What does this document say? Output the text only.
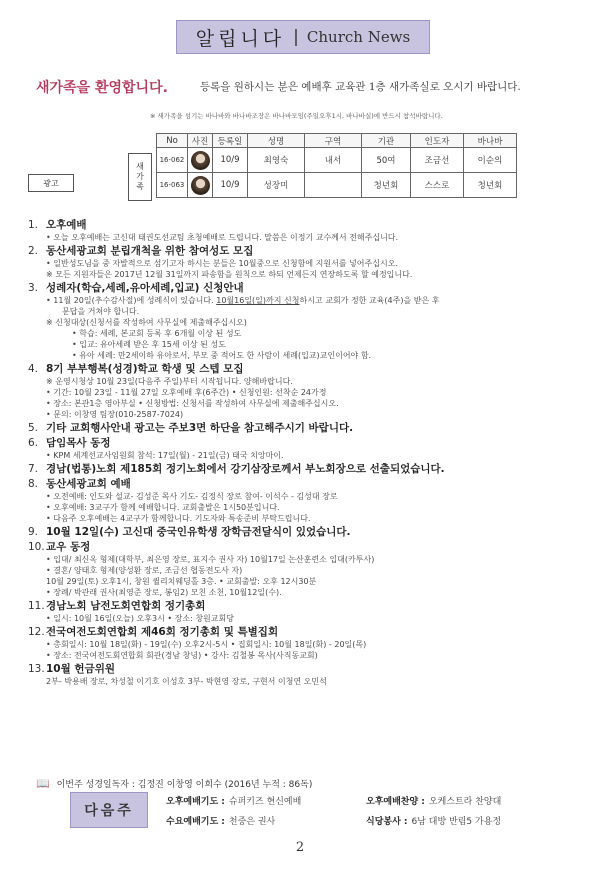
알립니다 | Church News
새가족을 환영합니다.	등록을 원하시는 분은 예배후 교육관 1층 새가족실로 오시기 바랍니다.
※ 새가족을 섬기는 바나바와 바나바조장은 바나바모임(주일오후1시, 바나바실)에 반드시 참석바랍니다.
광고
새
가
족
No	사진	등록일	성명	구역	기관	인도자	바나바
16-062		10/9	최영숙	내서	50여	조금선	이순의
16-063		10/9	성장미		청년회	스스로	청년회
1. 오후예배
• 오늘 오후예배는 고신대 태권도선교팀 초청예배로 드립니다. 말씀은 이정기 교수께서 전해주십니다.
2. 동산세광교회 분립개척을 위한 참여성도 모집
• 일반성도님을 중 자발적으로 섬기고자 하시는 분들은 10월중으로 신청함에 지원서를 넣어주십시오.
※ 모든 지원자들은 2017년 12월 31일까지 파송함을 원칙으로 하되 언제든지 연장하도록 할 예정입니다.
3. 성례자(학습,세례,유아세례,입교) 신청안내
• 11월 20일(추수감사절)에 성례식이 있습니다. 10월16일(일)까지 신청하시고 교회가 정한 교육(4주)을 받은 후
문답을 거쳐야 합니다.
※ 신청대상(신청서를 작성하여 사무실에 제출해주십시오)
• 학습: 세례, 본교회 등록 후 6개월 이상 된 성도
• 입교: 유아세례 받은 후 15세 이상 된 성도
• 유아 세례: 만2세이하 유아로서, 부모 중 적어도 한 사람이 세례(입교)교인이어야 함.
4. 8기 부부행복(성경)학교 학생 및 스텝 모집
※ 운영시청상 10월 23일(다음주 주일)부터 시작됩니다. 양해바랍니다.
• 기간: 10월 23일 - 11월 27일 오후예배 후(6주간) • 신청인원: 선착순 24가정
• 장소: 본관1층 영아부실 • 신청방법: 신청서를 작성하여 사무실에 제출해주십시오.
• 문의: 이창영 팀장(010-2587-7024)
5. 기타 교회행사안내 광고는 주보3면 하단을 참고해주시기 바랍니다.
6. 담임목사 동정
• KPM 세계선교사임원회 참석: 17일(월) - 21일(금) 태국 치앙마이.
7. 경남(법통)노회 제185회 정기노회에서 강기삼장로께서 부노회장으로 선출되었습니다.
8. 동산세광교회 예배
• 오전예배: 인도와 설교- 김성준 목사 기도- 김정식 장로 참여- 이석수 - 김성대 장로
• 오후예배: 3교구가 함께 예배합니다. 교회출발은 1시50분입니다.
• 다음주 오후예배는 4교구가 함께합니다. 기도자와 특송준비 부탁드립니다.
9. 10월 12일(수) 고신대 중국인유학생 장학금전달식이 있었습니다.
10.교우 동정
• 입대/ 최신옥 형제(대학부, 최은영 장로, 표지수 권사 자) 10월17일 논산훈련소 입대(카투사)
• 결혼/ 양태호 형제(양성환 장로, 조금선 협동전도사 자)
10월 29일(토) 오후1시, 창원 퀼리치웨딩홀 3층. • 교회출발: 오후 12시30분
• 장례/ 박관래 권사(최영준 장로, 봉임2) 모친 소천, 10월12일(수).
11.경남노회 남전도회연합회 정기총회
• 일시: 10월 16일(오늘) 오후3시 • 장소: 창원교회당
12.전국여전도회연합회 제46회 정기총회 및 특별집회
• 총회일시: 10월 18일(화) - 19일(수) 오후2시-5시 • 집회일시: 10월 18일(화) - 20일(목)
• 장소: 전국여전도회연합회 회관(경남 창녕) • 강사: 김철봉 목사(사직동교회)
13.10월 헌금위원
2부- 박용배 장로, 차성철 이기호 이성호 3부- 박현영 장로, 구현서 이청연 오민석
📖 이번주 성경일독자 : 김정진 이창영 이희수 (2016년 누적 : 86독)
다음주
오후예배기도 : 슈퍼키즈 현신예배	오후예배찬양 : 오케스트라 찬양대
수요예배기도 : 천중은 권사	식당봉사 : 6남 대방 반림5 가용정
2
